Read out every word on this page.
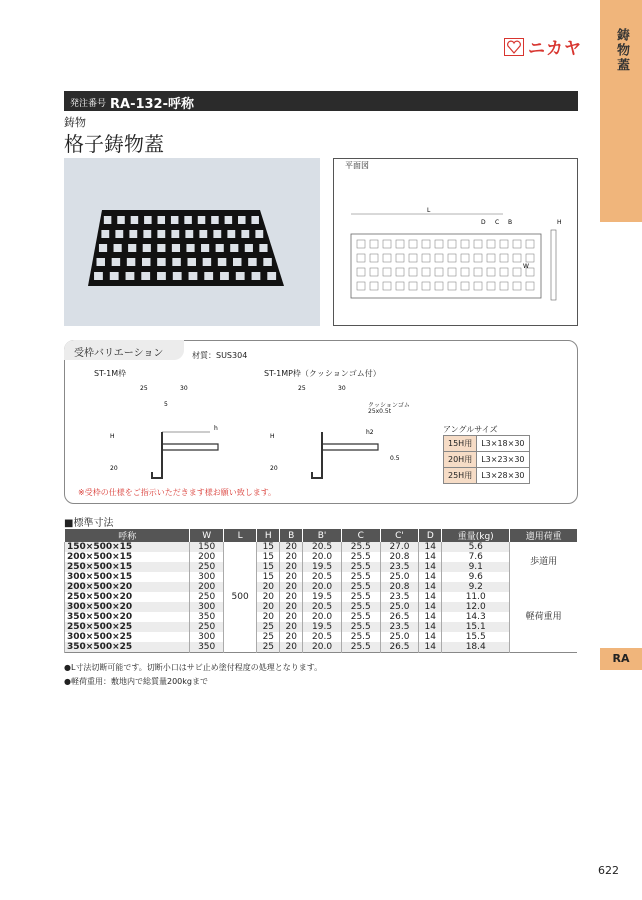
鋳物蓋
RA
622
ニカヤ
発注番号 RA-132-呼称
鋳物
格子鋳物蓋
平面図
L
D C B	H
W
受枠バリエーション	材質：SUS304
ST-1M枠	ST-1MP枠（クッションゴム付）
25	30
H
h
20
5
25	30
H
h2
20
0.5
クッションゴム
25x0.5t
アングルサイズ
15H用	L3×18×30
20H用	L3×23×30
25H用	L3×28×30
※受枠の仕様をご指示いただきます様お願い致します。
■標準寸法
呼称	W	L	H	B	B'	C	C'	D	重量(kg)	適用荷重
150×500×15	150	500	15	20	20.5	25.5	27.0	14	5.6	歩道用
200×500×15	200		15	20	20.0	25.5	20.8	14	7.6	
250×500×15	250		15	20	19.5	25.5	23.5	14	9.1	
300×500×15	300		15	20	20.5	25.5	25.0	14	9.6	
200×500×20	200		20	20	20.0	25.5	20.8	14	9.2	軽荷重用
250×500×20	250		20	20	19.5	25.5	23.5	14	11.0	
300×500×20	300		20	20	20.5	25.5	25.0	14	12.0	
350×500×20	350		20	20	20.0	25.5	26.5	14	14.3	
250×500×25	250		25	20	19.5	25.5	23.5	14	15.1	
300×500×25	300		25	20	20.5	25.5	25.0	14	15.5	
350×500×25	350		25	20	20.0	25.5	26.5	14	18.4	
●L寸法切断可能です。切断小口はサビ止め塗付程度の処理となります。
●軽荷重用：敷地内で総質量200kgまで
